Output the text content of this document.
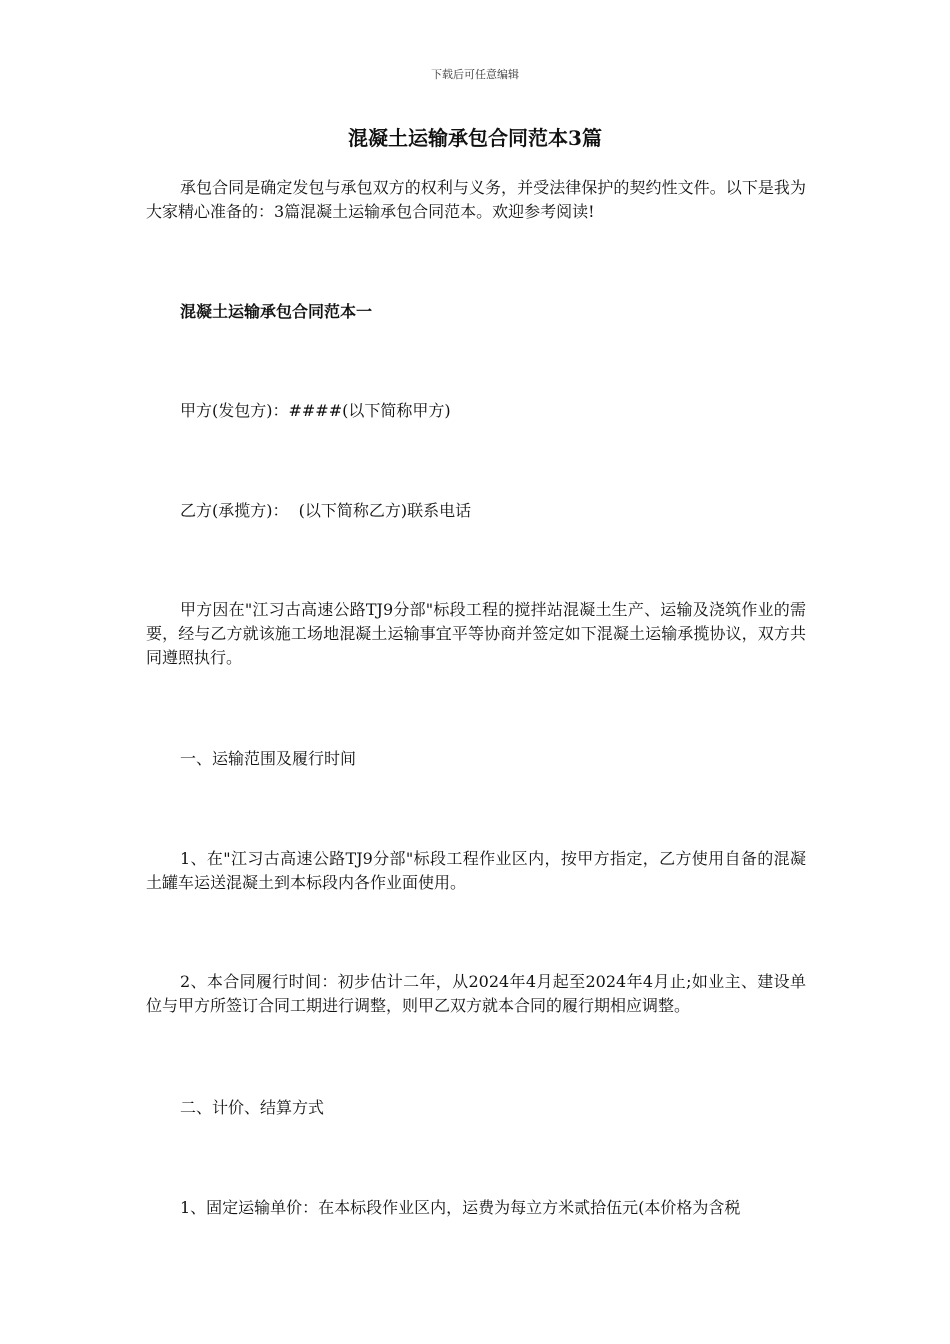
下载后可任意编辑
混凝土运输承包合同范本3篇

承包合同是确定发包与承包双方的权利与义务，并受法律保护的契约性文件。以下是我为大家精心准备的：3篇混凝土运输承包合同范本。欢迎参考阅读!

混凝土运输承包合同范本一

甲方(发包方)：####(以下简称甲方)

乙方(承揽方)：  (以下简称乙方)联系电话

甲方因在"江习古高速公路TJ9分部"标段工程的搅拌站混凝土生产、运输及浇筑作业的需要，经与乙方就该施工场地混凝土运输事宜平等协商并签定如下混凝土运输承揽协议，双方共同遵照执行。

一、运输范围及履行时间

1、在"江习古高速公路TJ9分部"标段工程作业区内，按甲方指定，乙方使用自备的混凝土罐车运送混凝土到本标段内各作业面使用。

2、本合同履行时间：初步估计二年，从2024年4月起至2024年4月止;如业主、建设单位与甲方所签订合同工期进行调整，则甲乙双方就本合同的履行期相应调整。

二、计价、结算方式

1、固定运输单价：在本标段作业区内，运费为每立方米贰拾伍元(本价格为含税
